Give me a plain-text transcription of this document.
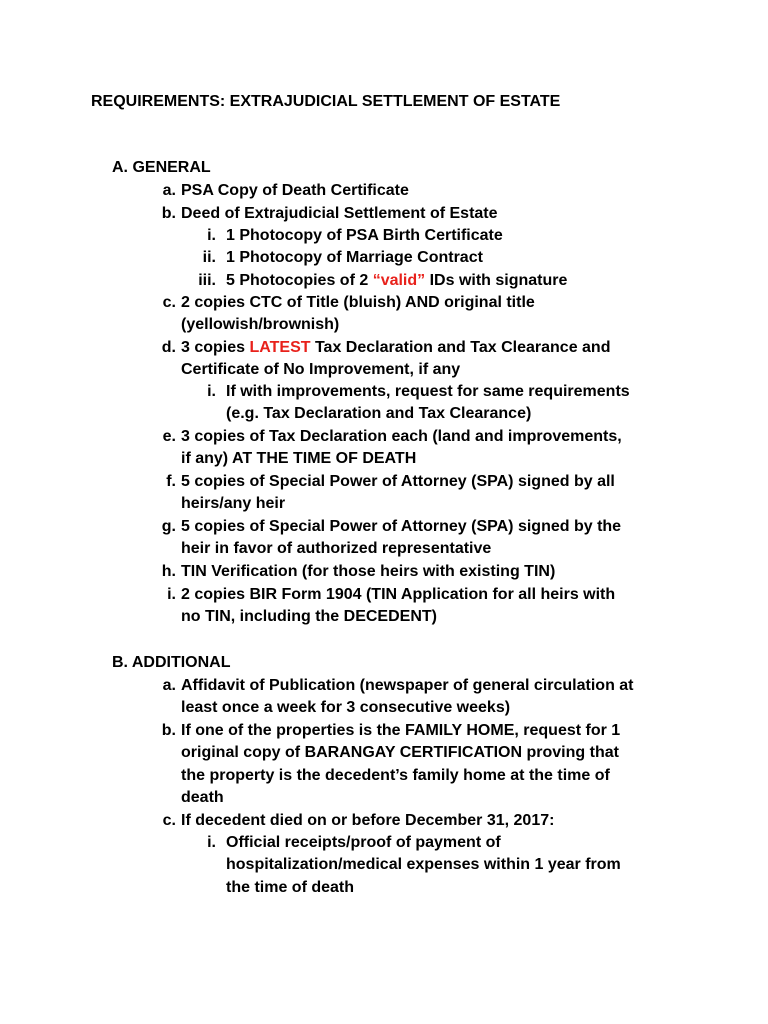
REQUIREMENTS: EXTRAJUDICIAL SETTLEMENT OF ESTATE
A. GENERAL
a. PSA Copy of Death Certificate
b. Deed of Extrajudicial Settlement of Estate
i. 1 Photocopy of PSA Birth Certificate
ii. 1 Photocopy of Marriage Contract
iii. 5 Photocopies of 2 “valid” IDs with signature
c. 2 copies CTC of Title (bluish) AND original title
(yellowish/brownish)
d. 3 copies LATEST Tax Declaration and Tax Clearance and
Certificate of No Improvement, if any
i. If with improvements, request for same requirements
(e.g. Tax Declaration and Tax Clearance)
e. 3 copies of Tax Declaration each (land and improvements,
if any) AT THE TIME OF DEATH
f. 5 copies of Special Power of Attorney (SPA) signed by all
heirs/any heir
g. 5 copies of Special Power of Attorney (SPA) signed by the
heir in favor of authorized representative
h. TIN Verification (for those heirs with existing TIN)
i. 2 copies BIR Form 1904 (TIN Application for all heirs with
no TIN, including the DECEDENT)
B. ADDITIONAL
a. Affidavit of Publication (newspaper of general circulation at
least once a week for 3 consecutive weeks)
b. If one of the properties is the FAMILY HOME, request for 1
original copy of BARANGAY CERTIFICATION proving that
the property is the decedent’s family home at the time of
death
c. If decedent died on or before December 31, 2017:
i. Official receipts/proof of payment of
hospitalization/medical expenses within 1 year from
the time of death
